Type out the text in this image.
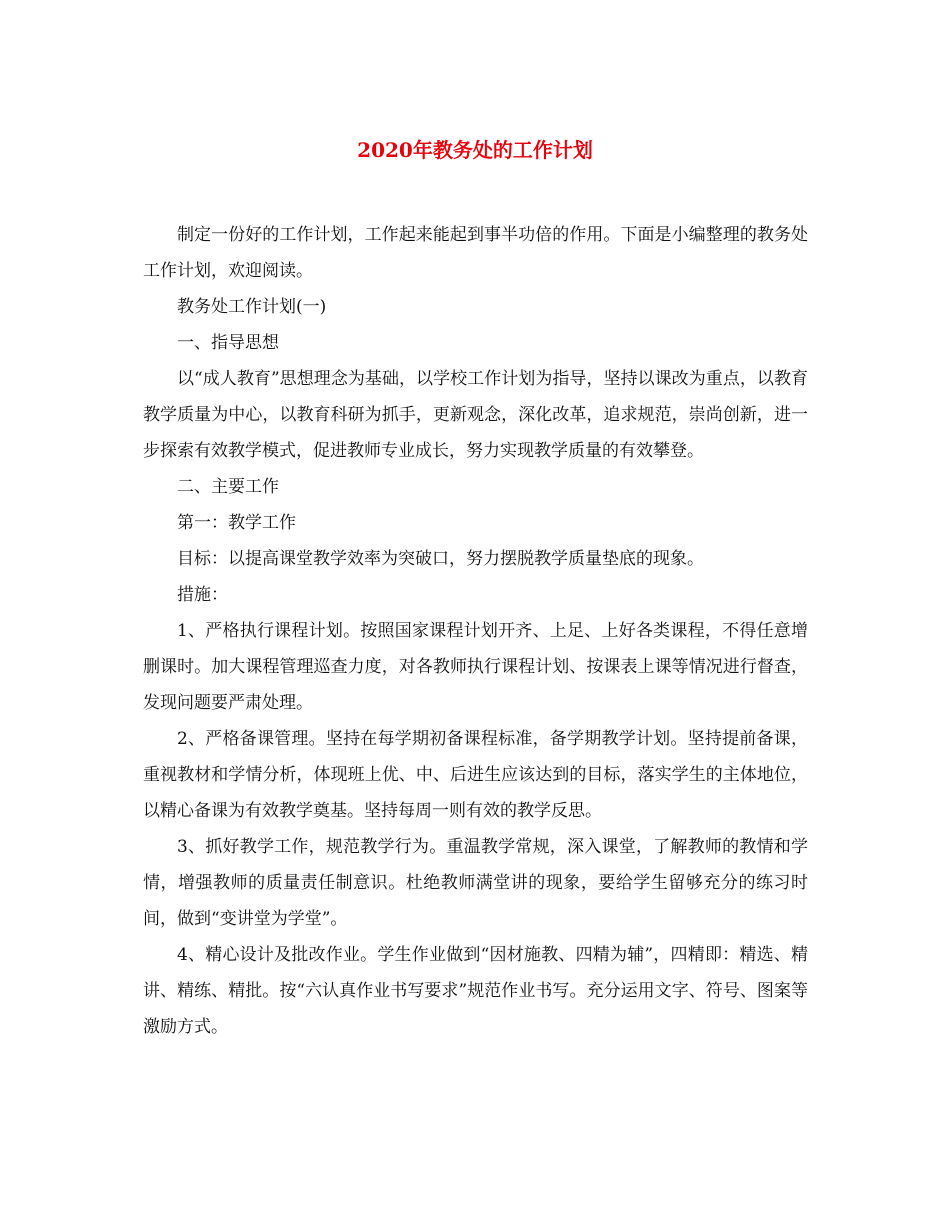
2020年教务处的工作计划

制定一份好的工作计划，工作起来能起到事半功倍的作用。下面是小编整理的教务处工作计划，欢迎阅读。

教务处工作计划(一)

一、指导思想

以“成人教育”思想理念为基础，以学校工作计划为指导，坚持以课改为重点，以教育教学质量为中心，以教育科研为抓手，更新观念，深化改革，追求规范，崇尚创新，进一步探索有效教学模式，促进教师专业成长，努力实现教学质量的有效攀登。

二、主要工作

第一：教学工作

目标：以提高课堂教学效率为突破口，努力摆脱教学质量垫底的现象。

措施：

1、严格执行课程计划。按照国家课程计划开齐、上足、上好各类课程，不得任意增删课时。加大课程管理巡查力度，对各教师执行课程计划、按课表上课等情况进行督查，发现问题要严肃处理。

2、严格备课管理。坚持在每学期初备课程标准，备学期教学计划。坚持提前备课，重视教材和学情分析，体现班上优、中、后进生应该达到的目标，落实学生的主体地位，以精心备课为有效教学奠基。坚持每周一则有效的教学反思。

3、抓好教学工作，规范教学行为。重温教学常规，深入课堂，了解教师的教情和学情，增强教师的质量责任制意识。杜绝教师满堂讲的现象，要给学生留够充分的练习时间，做到“变讲堂为学堂”。

4、精心设计及批改作业。学生作业做到“因材施教、四精为辅”，四精即：精选、精讲、精练、精批。按“六认真作业书写要求”规范作业书写。充分运用文字、符号、图案等激励方式。
